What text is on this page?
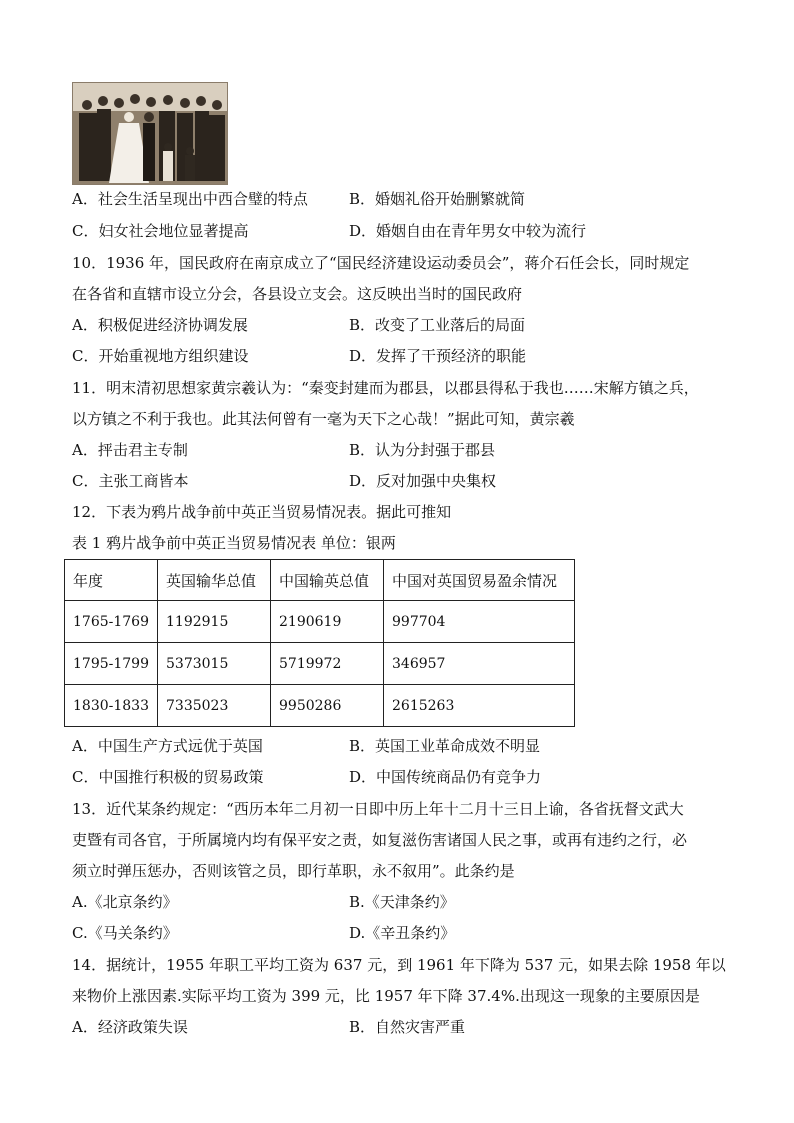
A．社会生活呈现出中西合璧的特点	B．婚姻礼俗开始删繁就简
C．妇女社会地位显著提高	D．婚姻自由在青年男女中较为流行
10．1936 年，国民政府在南京成立了“国民经济建设运动委员会”，蒋介石任会长，同时规定
在各省和直辖市设立分会，各县设立支会。这反映出当时的国民政府
A．积极促进经济协调发展	B．改变了工业落后的局面
C．开始重视地方组织建设	D．发挥了干预经济的职能
11．明末清初思想家黄宗羲认为：“秦变封建而为郡县，以郡县得私于我也……宋解方镇之兵，
以方镇之不利于我也。此其法何曾有一毫为天下之心哉！”据此可知，黄宗羲
A．抨击君主专制	B．认为分封强于郡县
C．主张工商皆本	D．反对加强中央集权
12．下表为鸦片战争前中英正当贸易情况表。据此可推知
表 1 鸦片战争前中英正当贸易情况表 单位：银两
年度	英国输华总值	中国输英总值	中国对英国贸易盈余情况
1765-1769	1192915	2190619	997704
1795-1799	5373015	5719972	346957
1830-1833	7335023	9950286	2615263
A．中国生产方式远优于英国	B．英国工业革命成效不明显
C．中国推行积极的贸易政策	D．中国传统商品仍有竞争力
13．近代某条约规定：“西历本年二月初一日即中历上年十二月十三日上谕，各省抚督文武大
吏暨有司各官，于所属境内均有保平安之责，如复滋伤害诸国人民之事，或再有违约之行，必
须立时弹压惩办，否则该管之员，即行革职，永不叙用”。此条约是
A.《北京条约》	B.《天津条约》
C.《马关条约》	D.《辛丑条约》
14．据统计，1955 年职工平均工资为 637 元，到 1961 年下降为 537 元，如果去除 1958 年以
来物价上涨因素.实际平均工资为 399 元，比 1957 年下降 37.4%.出现这一现象的主要原因是
A．经济政策失误	B．自然灾害严重
